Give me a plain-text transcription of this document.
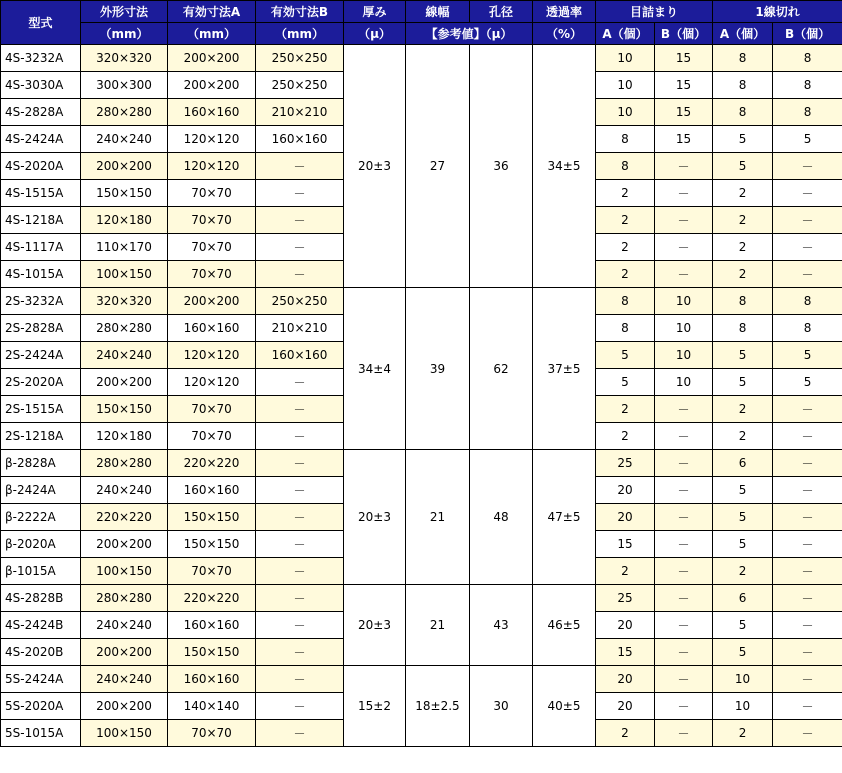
型式	外形寸法	有効寸法A	有効寸法B	厚み	線幅	孔径	透過率	目詰まり		1線切れ	
	（mm）	（mm）	（mm）	（μ）	【参考値】（μ）		（%）	A（個）	B（個）	A（個）	B（個）
4S-3232A	320×320	200×200	250×250	20±3	27	36	34±5	10	15	8	8
4S-3030A	300×300	200×200	250×250					10	15	8	8
4S-2828A	280×280	160×160	210×210					10	15	8	8
4S-2424A	240×240	120×120	160×160					8	15	5	5
4S-2020A	200×200	120×120	－					8	－	5	－
4S-1515A	150×150	70×70	－					2	－	2	－
4S-1218A	120×180	70×70	－					2	－	2	－
4S-1117A	110×170	70×70	－					2	－	2	－
4S-1015A	100×150	70×70	－					2	－	2	－
2S-3232A	320×320	200×200	250×250	34±4	39	62	37±5	8	10	8	8
2S-2828A	280×280	160×160	210×210					8	10	8	8
2S-2424A	240×240	120×120	160×160					5	10	5	5
2S-2020A	200×200	120×120	－					5	10	5	5
2S-1515A	150×150	70×70	－					2	－	2	－
2S-1218A	120×180	70×70	－					2	－	2	－
β-2828A	280×280	220×220	－	20±3	21	48	47±5	25	－	6	－
β-2424A	240×240	160×160	－					20	－	5	－
β-2222A	220×220	150×150	－					20	－	5	－
β-2020A	200×200	150×150	－					15	－	5	－
β-1015A	100×150	70×70	－					2	－	2	－
4S-2828B	280×280	220×220	－	20±3	21	43	46±5	25	－	6	－
4S-2424B	240×240	160×160	－					20	－	5	－
4S-2020B	200×200	150×150	－					15	－	5	－
5S-2424A	240×240	160×160	－	15±2	18±2.5	30	40±5	20	－	10	－
5S-2020A	200×200	140×140	－					20	－	10	－
5S-1015A	100×150	70×70	－					2	－	2	－
